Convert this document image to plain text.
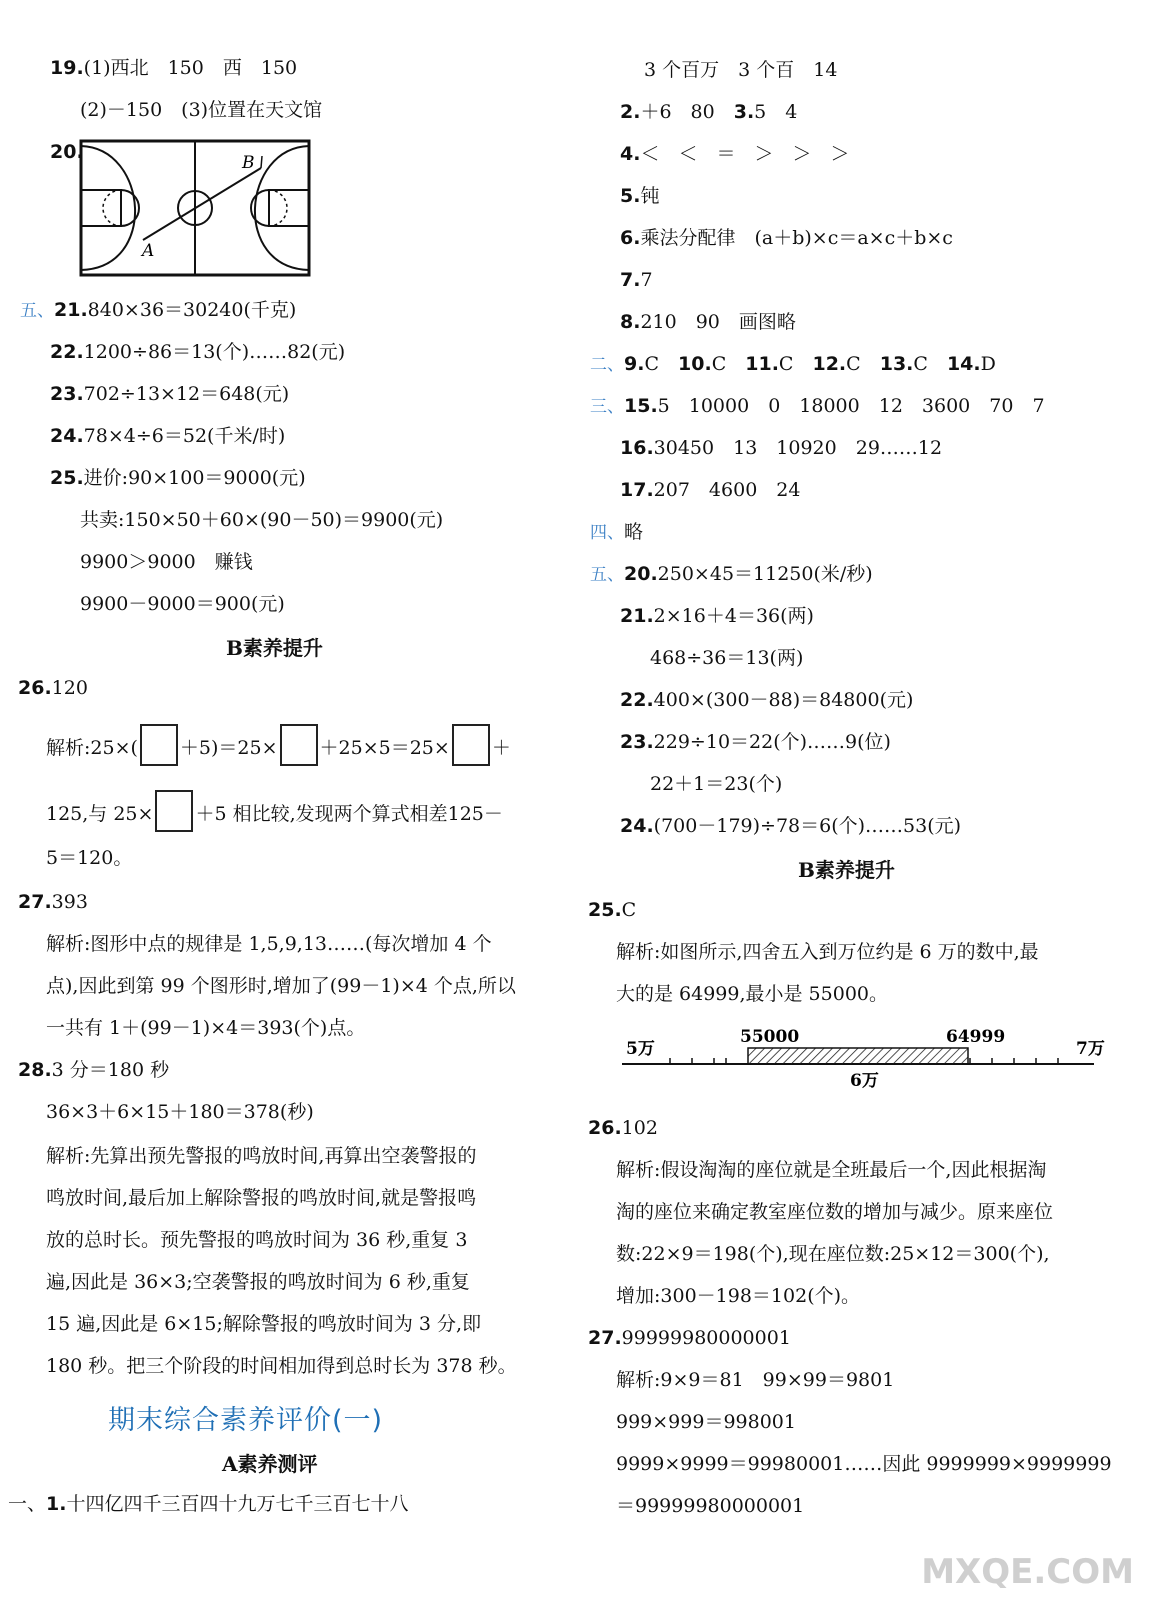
19.(1)西北　150　西　150
(2)－150　(3)位置在天文馆
20.
A
B
五、21.840×36＝30240(千克)
22.1200÷86＝13(个)……82(元)
23.702÷13×12＝648(元)
24.78×4÷6＝52(千米/时)
25.进价:90×100＝9000(元)
共卖:150×50＋60×(90－50)＝9900(元)
9900＞9000　赚钱
9900－9000＝900(元)
B素养提升
26.120
解析:25×( ＋5)＝25× ＋25×5＝25× ＋
125,与 25× ＋5 相比较,发现两个算式相差125－
5＝120。
27.393
解析:图形中点的规律是 1,5,9,13……(每次增加 4 个
点),因此到第 99 个图形时,增加了(99－1)×4 个点,所以
一共有 1＋(99－1)×4＝393(个)点。
28.3 分＝180 秒
36×3＋6×15＋180＝378(秒)
解析:先算出预先警报的鸣放时间,再算出空袭警报的
鸣放时间,最后加上解除警报的鸣放时间,就是警报鸣
放的总时长。预先警报的鸣放时间为 36 秒,重复 3
遍,因此是 36×3;空袭警报的鸣放时间为 6 秒,重复
15 遍,因此是 6×15;解除警报的鸣放时间为 3 分,即
180 秒。把三个阶段的时间相加得到总时长为 378 秒。
期末综合素养评价(一)
A素养测评
一、1.十四亿四千三百四十九万七千三百七十八
3 个百万　3 个百　14
2.＋6　80　3.5　4
4.＜　＜　＝　＞　＞　＞
5.钝
6.乘法分配律　(a＋b)×c＝a×c＋b×c
7.7
8.210　90　画图略
二、9.C　 10.C　 11.C　 12.C　 13.C　 14.D
三、15.5　10000　0　18000　12　3600　70　7
16.30450　13　10920　29……12
17.207　4600　24
四、略
五、20.250×45＝11250(米/秒)
21.2×16＋4＝36(两)
468÷36＝13(两)
22.400×(300－88)＝84800(元)
23.229÷10＝22(个)……9(位)
22＋1＝23(个)
24.(700－179)÷78＝6(个)……53(元)
B素养提升
25.C
解析:如图所示,四舍五入到万位约是 6 万的数中,最
大的是 64999,最小是 55000。
5万
55000	64999
7万
6万
26.102
解析:假设淘淘的座位就是全班最后一个,因此根据淘
淘的座位来确定教室座位数的增加与减少。原来座位
数:22×9＝198(个),现在座位数:25×12＝300(个),
增加:300－198＝102(个)。
27.99999980000001
解析:9×9＝81　99×99＝9801
999×999＝998001
9999×9999＝99980001……因此 9999999×9999999
＝99999980000001
MXQE.COM
